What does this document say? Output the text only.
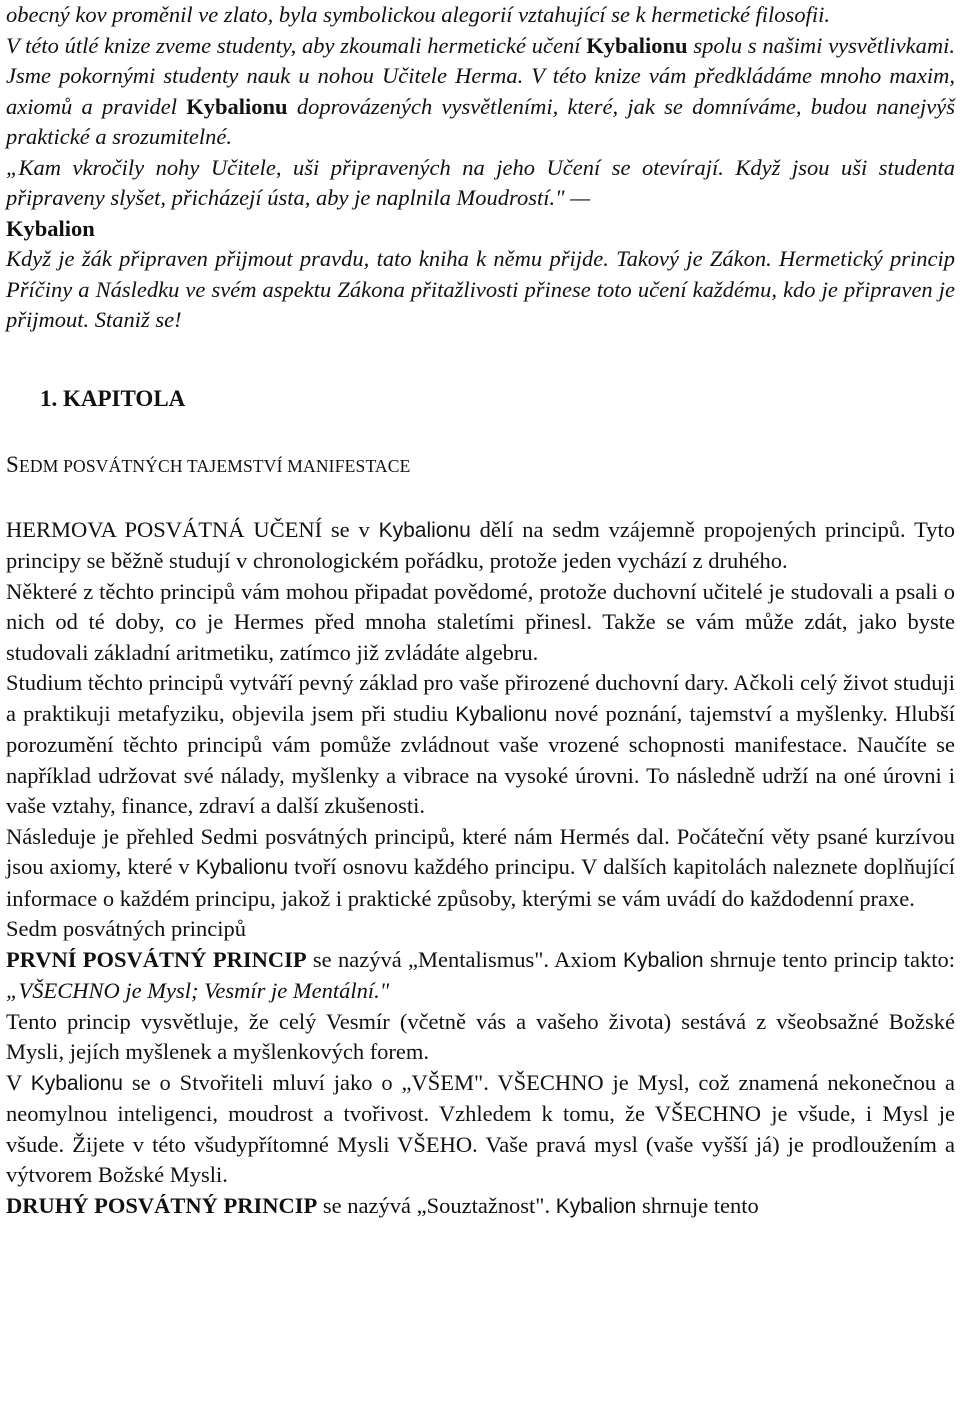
obecný kov proměnil ve zlato, byla symbolickou alegorií vztahující se k hermetické filosofii.

V této útlé knize zveme studenty, aby zkoumali hermetické učení Kybalionu spolu s našimi vysvětlivkami. Jsme pokornými studenty nauk u nohou Učitele Herma. V této knize vám předkládáme mnoho maxim, axiomů a pravidel Kybalionu doprovázených vysvětleními, které, jak se domníváme, budou nanejvýš praktické a srozumitelné.

„Kam vkročily nohy Učitele, uši připravených na jeho Učení se otevírají. Když jsou uši studenta připraveny slyšet, přicházejí ústa, aby je naplnila Moudrostí." —
Kybalion

Když je žák připraven přijmout pravdu, tato kniha k němu přijde. Takový je Zákon. Hermetický princip Příčiny a Následku ve svém aspektu Zákona přitažlivosti přinese toto učení každému, kdo je připraven je přijmout. Staniž se!

1. KAPITOLA
SEDM POSVÁTNÝCH TAJEMSTVÍ MANIFESTACE

HERMOVA POSVÁTNÁ UČENÍ se v Kybalionu dělí na sedm vzájemně propojených principů. Tyto principy se běžně studují v chronologickém pořádku, protože jeden vychází z druhého.

Některé z těchto principů vám mohou připadat povědomé, protože duchovní učitelé je studovali a psali o nich od té doby, co je Hermes před mnoha staletími přinesl. Takže se vám může zdát, jako byste studovali základní aritmetiku, zatímco již zvládáte algebru.

Studium těchto principů vytváří pevný základ pro vaše přirozené duchovní dary. Ačkoli celý život studuji a praktikuji metafyziku, objevila jsem při studiu Kybalionu nové poznání, tajemství a myšlenky. Hlubší porozumění těchto principů vám pomůže zvládnout vaše vrozené schopnosti manifestace. Naučíte se například udržovat své nálady, myšlenky a vibrace na vysoké úrovni. To následně udrží na oné úrovni i vaše vztahy, finance, zdraví a další zkušenosti.

Následuje je přehled Sedmi posvátných principů, které nám Hermés dal. Počáteční věty psané kurzívou jsou axiomy, které v Kybalionu tvoří osnovu každého principu. V dalších kapitolách naleznete doplňující informace o každém principu, jakož i praktické způsoby, kterými se vám uvádí do každodenní praxe.

Sedm posvátných principů

PRVNÍ POSVÁTNÝ PRINCIP se nazývá „Mentalismus". Axiom Kybalion shrnuje tento princip takto: „VŠECHNO je Mysl; Vesmír je Mentální."

Tento princip vysvětluje, že celý Vesmír (včetně vás a vašeho života) sestává z všeobsažné Božské Mysli, jejích myšlenek a myšlenkových forem.

V Kybalionu se o Stvořiteli mluví jako o „VŠEM". VŠECHNO je Mysl, což znamená nekonečnou a neomylnou inteligenci, moudrost a tvořivost. Vzhledem k tomu, že VŠECHNO je všude, i Mysl je všude. Žijete v této všudypřítomné Mysli VŠEHO. Vaše pravá mysl (vaše vyšší já) je prodloužením a výtvorem Božské Mysli.

DRUHÝ POSVÁTNÝ PRINCIP se nazývá „Souztažnost". Kybalion shrnuje tento
